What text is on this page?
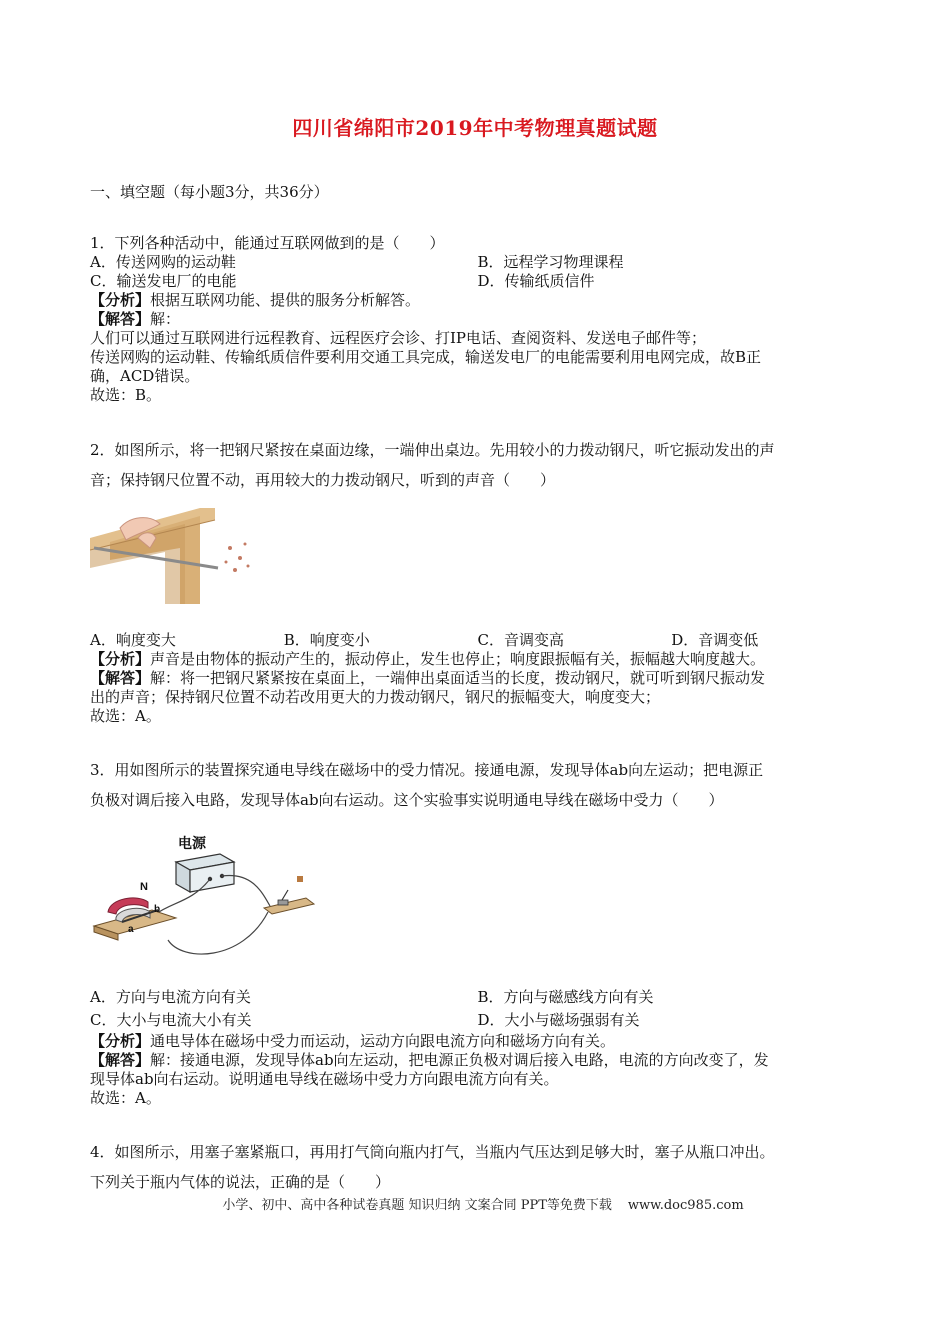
四川省绵阳市2019年中考物理真题试题
一、填空题（每小题3分，共36分）
1．下列各种活动中，能通过互联网做到的是（　　）
A．传送网购的运动鞋	B．远程学习物理课程
C．输送发电厂的电能	D．传输纸质信件
【分析】根据互联网功能、提供的服务分析解答。
【解答】解：
人们可以通过互联网进行远程教育、远程医疗会诊、打IP电话、查阅资料、发送电子邮件等；
传送网购的运动鞋、传输纸质信件要利用交通工具完成，输送发电厂的电能需要利用电网完成，故B正
确，ACD错误。
故选：B。
2．如图所示，将一把钢尺紧按在桌面边缘，一端伸出桌边。先用较小的力拨动钢尺，听它振动发出的声
音；保持钢尺位置不动，再用较大的力拨动钢尺，听到的声音（　　）
A．响度变大	B．响度变小	C．音调变高	D．音调变低
【分析】声音是由物体的振动产生的，振动停止，发生也停止；响度跟振幅有关，振幅越大响度越大。
【解答】解：将一把钢尺紧紧按在桌面上，一端伸出桌面适当的长度，拨动钢尺，就可听到钢尺振动发
出的声音；保持钢尺位置不动若改用更大的力拨动钢尺，钢尺的振幅变大，响度变大；
故选：A。
3．用如图所示的装置探究通电导线在磁场中的受力情况。接通电源，发现导体ab向左运动；把电源正
负极对调后接入电路，发现导体ab向右运动。这个实验事实说明通电导线在磁场中受力（　　）
电源
N
b
a
A．方向与电流方向有关	B．方向与磁感线方向有关
C．大小与电流大小有关	D．大小与磁场强弱有关
【分析】通电导体在磁场中受力而运动，运动方向跟电流方向和磁场方向有关。
【解答】解：接通电源，发现导体ab向左运动，把电源正负极对调后接入电路，电流的方向改变了，发
现导体ab向右运动。说明通电导线在磁场中受力方向跟电流方向有关。
故选：A。
4．如图所示，用塞子塞紧瓶口，再用打气筒向瓶内打气，当瓶内气压达到足够大时，塞子从瓶口冲出。
下列关于瓶内气体的说法，正确的是（　　）
小学、初中、高中各种试卷真题 知识归纳 文案合同 PPT等免费下载 www.doc985.com
